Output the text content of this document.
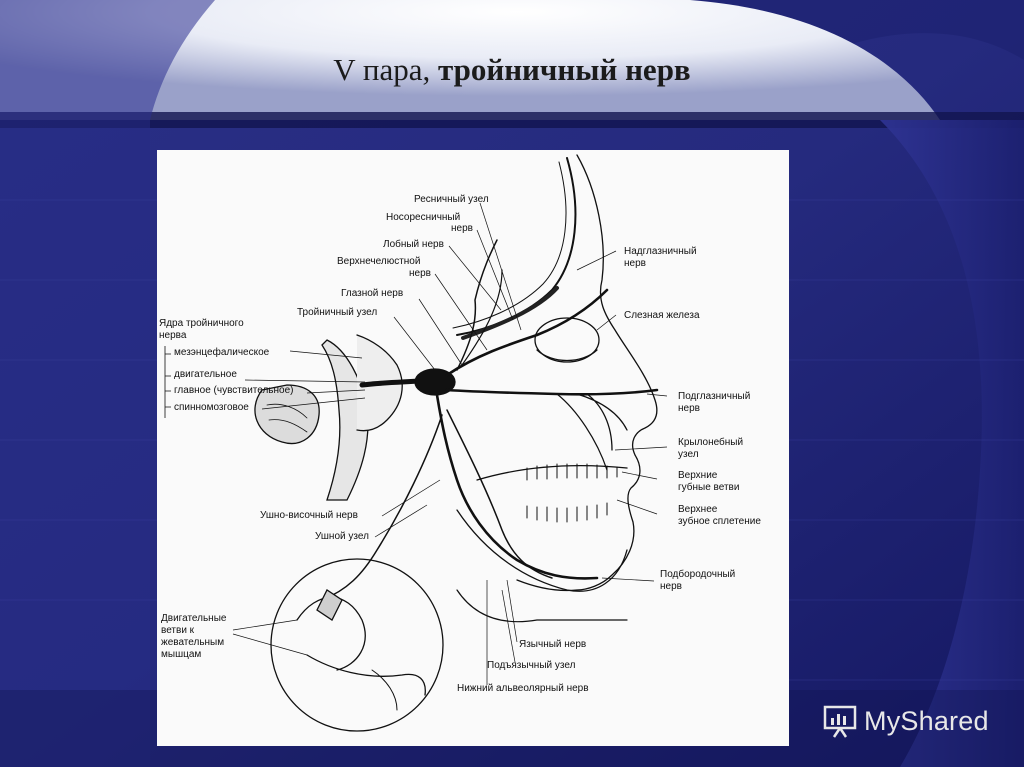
V пара, тройничный нерв
Ресничный узел
Носоресничный
нерв
Лобный нерв
Верхнечелюстной
нерв
Глазной нерв
Тройничный узел
Ядра тройничного
нерва
мезэнцефалическое
двигательное
главное (чувствительное)
спинномозговое
Надглазничный
нерв
Слезная железа
Подглазничный
нерв
Крылонебный
узел
Верхние
губные ветви
Верхнее
зубное сплетение
Ушно-височный нерв
Ушной узел
Подбородочный
нерв
Двигательные
ветви к
жевательным
мышцам
Язычный нерв
Подъязычный узел
Нижний альвеолярный нерв
MyShared
